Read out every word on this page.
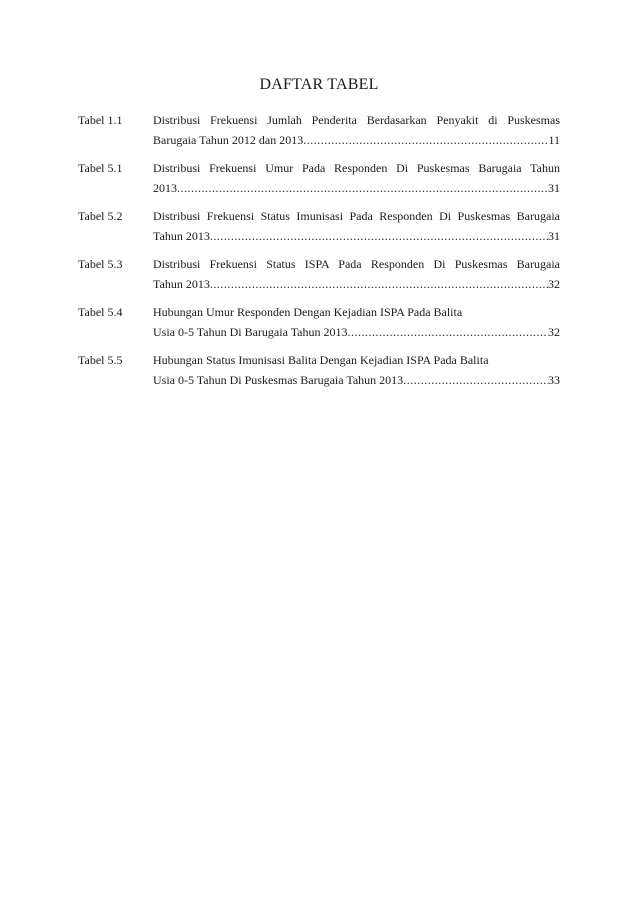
DAFTAR TABEL
Tabel 1.1	Distribusi Frekuensi Jumlah Penderita Berdasarkan Penyakit di Puskesmas
Barugaia Tahun 2012 dan 2013 .....	11
Tabel 5.1	Distribusi Frekuensi Umur Pada Responden Di Puskesmas Barugaia Tahun
2013 .....	31
Tabel 5.2	Distribusi Frekuensi Status Imunisasi Pada Responden Di Puskesmas Barugaia
Tahun 2013 .....	31
Tabel 5.3	Distribusi Frekuensi Status ISPA Pada Responden Di Puskesmas Barugaia
Tahun 2013 .....	32
Tabel 5.4	Hubungan Umur Responden Dengan Kejadian ISPA Pada Balita
Usia 0-5 Tahun Di Barugaia Tahun 2013 .....	32
Tabel 5.5	Hubungan Status Imunisasi Balita Dengan Kejadian ISPA Pada Balita
Usia 0-5 Tahun Di Puskesmas Barugaia Tahun 2013 .....	33
